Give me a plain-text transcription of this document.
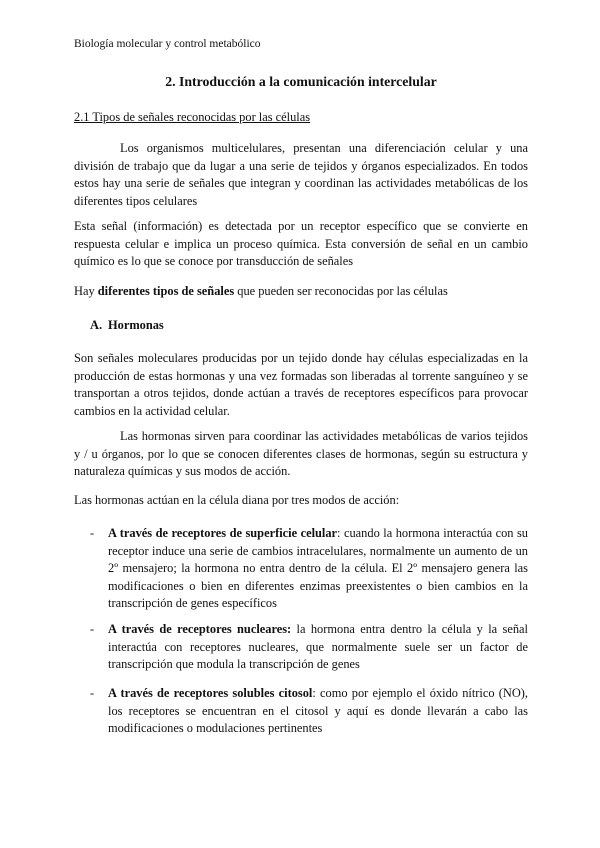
Biología molecular y control metabólico
2. Introducción a la comunicación intercelular
2.1 Tipos de señales reconocidas por las células

Los organismos multicelulares, presentan una diferenciación celular y una división de trabajo que da lugar a una serie de tejidos y órganos especializados. En todos estos hay una serie de señales que integran y coordinan las actividades metabólicas de los diferentes tipos celulares

Esta señal (información) es detectada por un receptor específico que se convierte en respuesta celular e implica un proceso química. Esta conversión de señal en un cambio químico es lo que se conoce por transducción de señales

Hay diferentes tipos de señales que pueden ser reconocidas por las células

A. Hormonas

Son señales moleculares producidas por un tejido donde hay células especializadas en la producción de estas hormonas y una vez formadas son liberadas al torrente sanguíneo y se transportan a otros tejidos, donde actúan a través de receptores específicos para provocar cambios en la actividad celular.

Las hormonas sirven para coordinar las actividades metabólicas de varios tejidos y / u órganos, por lo que se conocen diferentes clases de hormonas, según su estructura y naturaleza químicas y sus modos de acción.

Las hormonas actúan en la célula diana por tres modos de acción:

- A través de receptores de superficie celular: cuando la hormona interactúa con su receptor induce una serie de cambios intracelulares, normalmente un aumento de un 2º mensajero; la hormona no entra dentro de la célula. El 2º mensajero genera las modificaciones o bien en diferentes enzimas preexistentes o bien cambios en la transcripción de genes específicos
- A través de receptores nucleares: la hormona entra dentro la célula y la señal interactúa con receptores nucleares, que normalmente suele ser un factor de transcripción que modula la transcripción de genes
- A través de receptores solubles citosol: como por ejemplo el óxido nítrico (NO), los receptores se encuentran en el citosol y aquí es donde llevarán a cabo las modificaciones o modulaciones pertinentes
